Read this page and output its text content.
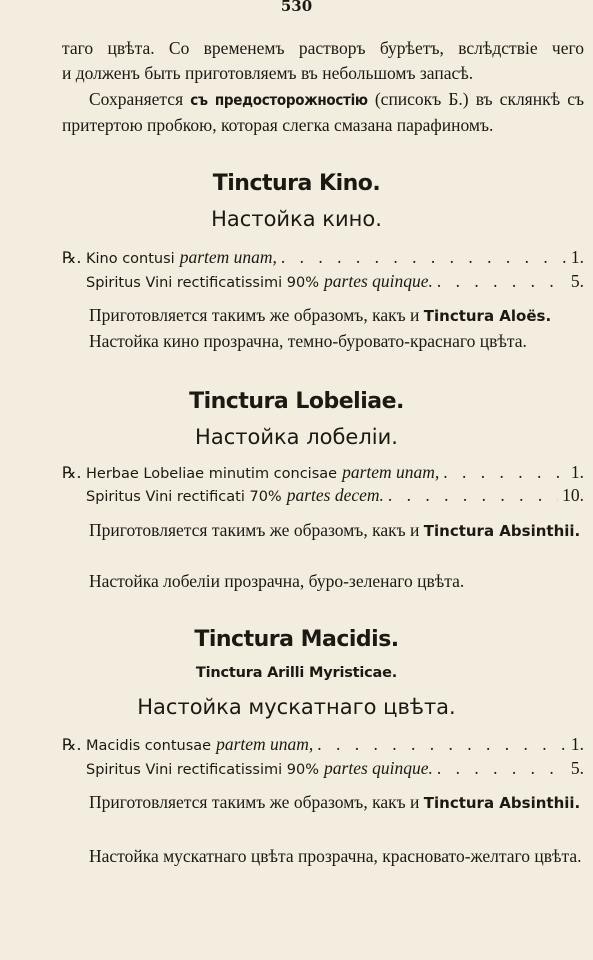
530
таго цвѣта. Со временемъ растворъ бурѣетъ, вслѣдствіе чего
и долженъ быть приготовляемъ въ небольшомъ запасѣ.
Сохраняется съ предосторожностію (списокъ Б.) въ склянкѣ съ притертою пробкою, которая слегка смазана парафиномъ.
Tinctura Kino.
Настойка кино.
℞. Kino contusi partem unam, . . .	1.
Spiritus Vini rectificatissimi 90% partes quinque. . . .	5.
Приготовляется такимъ же образомъ, какъ и Tinctura Aloës.
Настойка кино прозрачна, темно-буровато-краснаго цвѣта.
Tinctura Lobeliae.
Настойка лобеліи.
℞. Herbae Lobeliae minutim concisae partem unam, . . .	1.
Spiritus Vini rectificati 70% partes decem. . . .	10.
Приготовляется такимъ же образомъ, какъ и Tinctura Absinthii.
Настойка лобеліи прозрачна, буро-зеленаго цвѣта.
Tinctura Macidis.
Tinctura Arilli Myristicae.
Настойка мускатнаго цвѣта.
℞. Macidis contusae partem unam, . . .	1.
Spiritus Vini rectificatissimi 90% partes quinque. . . .	5.
Приготовляется такимъ же образомъ, какъ и Tinctura Absinthii.
Настойка мускатнаго цвѣта прозрачна, красновато-желтаго цвѣта.
